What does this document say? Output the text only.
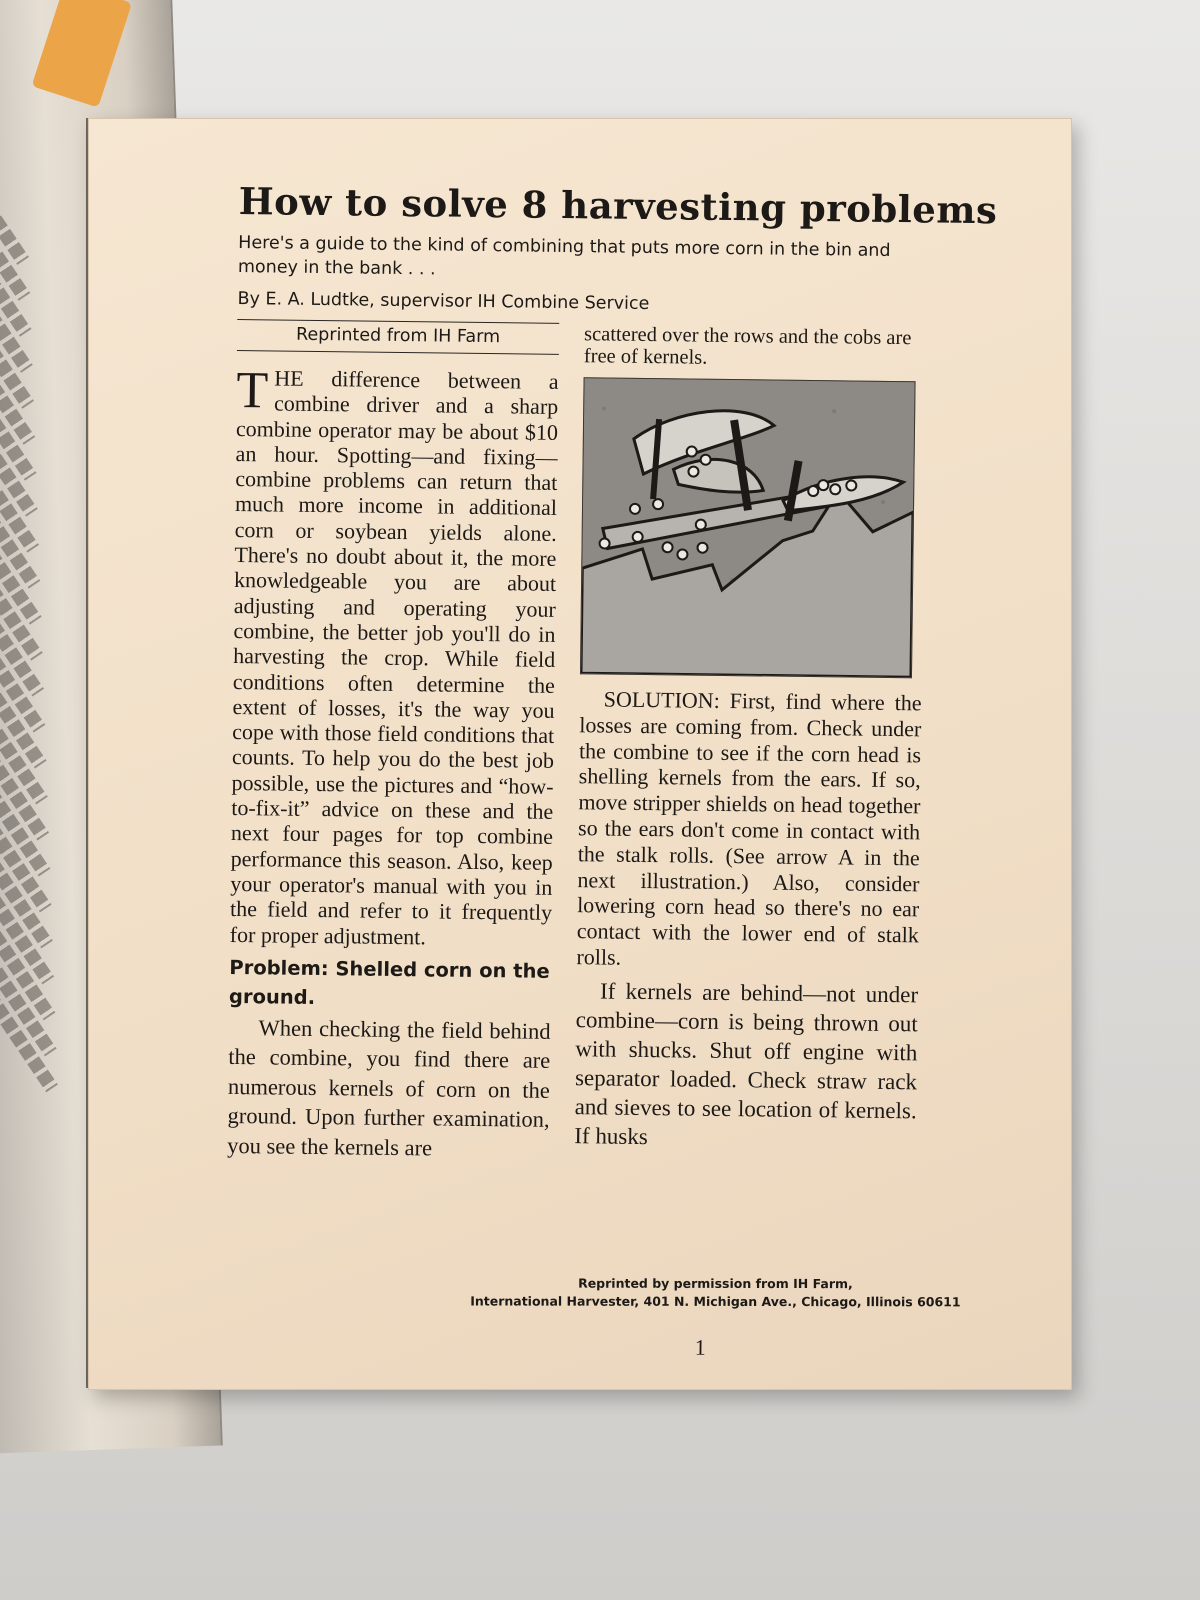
How to solve 8 harvesting problems

Here's a guide to the kind of combining that puts more corn in the bin and money in the bank . . .

By E. A. Ludtke, supervisor IH Combine Service

Reprinted from IH Farm

THE difference between a combine driver and a sharp combine operator may be about $10 an hour. Spotting—and fixing—combine problems can return that much more income in additional corn or soybean yields alone. There's no doubt about it, the more knowledgeable you are about adjusting and operating your combine, the better job you'll do in harvesting the crop. While field conditions often determine the extent of losses, it's the way you cope with those field conditions that counts. To help you do the best job possible, use the pictures and “how-to-fix-it” advice on these and the next four pages for top combine performance this season. Also, keep your operator's manual with you in the field and refer to it frequently for proper adjustment.

Problem: Shelled corn on the ground.

When checking the field behind the combine, you find there are numerous kernels of corn on the ground. Upon further examination, you see the kernels are

scattered over the rows and the cobs are free of kernels.

SOLUTION: First, find where the losses are coming from. Check under the combine to see if the corn head is shelling kernels from the ears. If so, move stripper shields on head together so the ears don't come in contact with the stalk rolls. (See arrow A in the next illustration.) Also, consider lowering corn head so there's no ear contact with the lower end of stalk rolls.

If kernels are behind—not under combine—corn is being thrown out with shucks. Shut off engine with separator loaded. Check straw rack and sieves to see location of kernels. If husks

Reprinted by permission from IH Farm,
International Harvester, 401 N. Michigan Ave., Chicago, Illinois 60611
1
